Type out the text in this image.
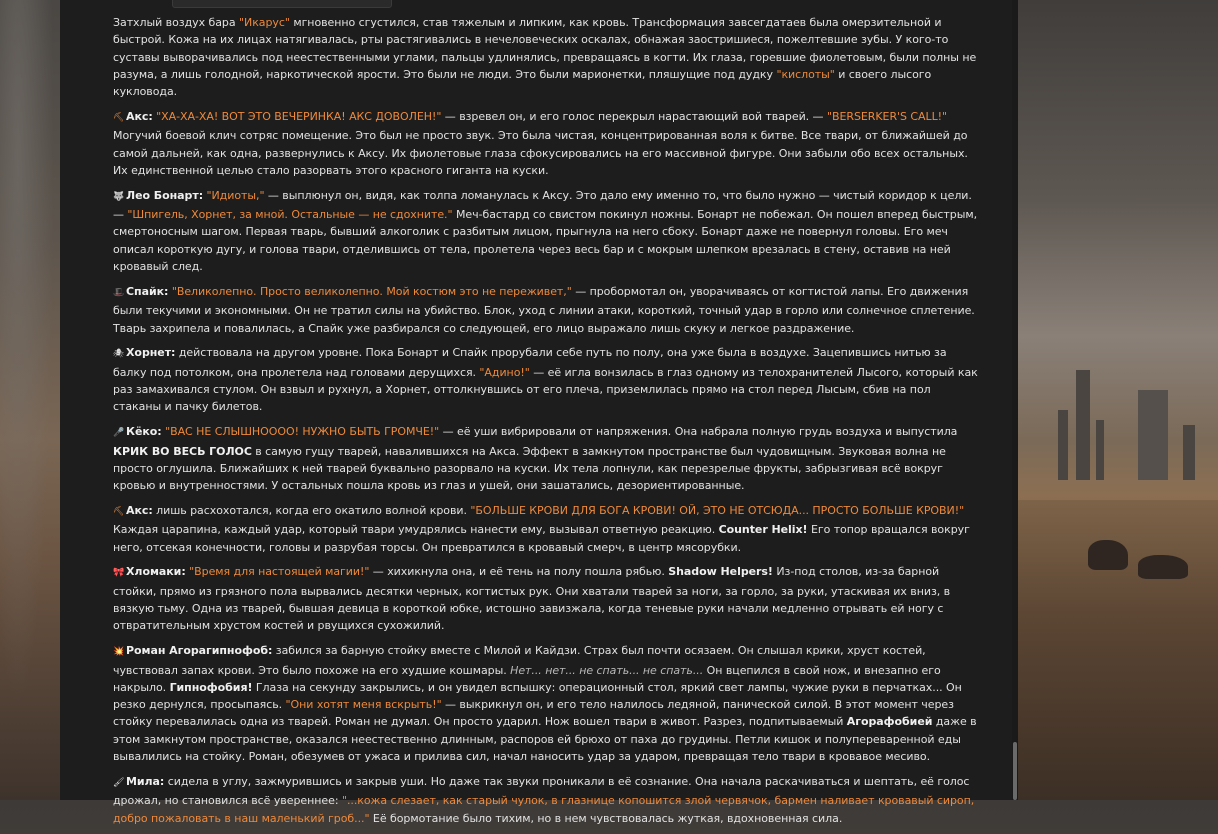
Затхлый воздух бара "Икарус" мгновенно сгустился, став тяжелым и липким, как кровь. Трансформация завсегдатаев была омерзительной и быстрой. Кожа на их лицах натягивалась, рты растягивались в нечеловеческих оскалах, обнажая заостришиеся, пожелтевшие зубы. У кого-то суставы выворачивались под неестественными углами, пальцы удлинялись, превращаясь в когти. Их глаза, горевшие фиолетовым, были полны не разума, а лишь голодной, наркотической ярости. Это были не люди. Это были марионетки, пляшущие под дудку "кислоты" и своего лысого кукловода.

⛏ Акс: "ХА-ХА-ХА! ВОТ ЭТО ВЕЧЕРИНКА! АКС ДОВОЛЕН!" — взревел он, и его голос перекрыл нарастающий вой тварей. — "BERSERKER'S CALL!" Могучий боевой клич сотряс помещение. Это был не просто звук. Это была чистая, концентрированная воля к битве. Все твари, от ближайшей до самой дальней, как одна, развернулись к Аксу. Их фиолетовые глаза сфокусировались на его массивной фигуре. Они забыли обо всех остальных. Их единственной целью стало разорвать этого красного гиганта на куски.

🐺 Лео Бонарт: "Идиоты," — выплюнул он, видя, как толпа ломанулась к Аксу. Это дало ему именно то, что было нужно — чистый коридор к цели. — "Шпигель, Хорнет, за мной. Остальные — не сдохните." Меч-бастард со свистом покинул ножны. Бонарт не побежал. Он пошел вперед быстрым, смертоносным шагом. Первая тварь, бывший алкоголик с разбитым лицом, прыгнула на него сбоку. Бонарт даже не повернул головы. Его меч описал короткую дугу, и голова твари, отделившись от тела, пролетела через весь бар и с мокрым шлепком врезалась в стену, оставив на ней кровавый след.

🎩 Спайк: "Великолепно. Просто великолепно. Мой костюм это не переживет," — пробормотал он, уворачиваясь от когтистой лапы. Его движения были текучими и экономными. Он не тратил силы на убийство. Блок, уход с линии атаки, короткий, точный удар в горло или солнечное сплетение. Тварь захрипела и повалилась, а Спайк уже разбирался со следующей, его лицо выражало лишь скуку и легкое раздражение.

🕷 Хорнет: действовала на другом уровне. Пока Бонарт и Спайк прорубали себе путь по полу, она уже была в воздухе. Зацепившись нитью за балку под потолком, она пролетела над головами дерущихся. "Адино!" — её игла вонзилась в глаз одному из телохранителей Лысого, который как раз замахивался стулом. Он взвыл и рухнул, а Хорнет, оттолкнувшись от его плеча, приземлилась прямо на стол перед Лысым, сбив на пол стаканы и пачку билетов.

🎤 Кёко: "ВАС НЕ СЛЫШНОООО! НУЖНО БЫТЬ ГРОМЧЕ!" — её уши вибрировали от напряжения. Она набрала полную грудь воздуха и выпустила КРИК ВО ВЕСЬ ГОЛОС в самую гущу тварей, навалившихся на Акса. Эффект в замкнутом пространстве был чудовищным. Звуковая волна не просто оглушила. Ближайших к ней тварей буквально разорвало на куски. Их тела лопнули, как перезрелые фрукты, забрызгивая всё вокруг кровью и внутренностями. У остальных пошла кровь из глаз и ушей, они зашатались, дезориентированные.

⛏ Акс: лишь расхохотался, когда его окатило волной крови. "БОЛЬШЕ КРОВИ ДЛЯ БОГА КРОВИ! ОЙ, ЭТО НЕ ОТСЮДА... ПРОСТО БОЛЬШЕ КРОВИ!" Каждая царапина, каждый удар, который твари умудрялись нанести ему, вызывал ответную реакцию. Counter Helix! Его топор вращался вокруг него, отсекая конечности, головы и разрубая торсы. Он превратился в кровавый смерч, в центр мясорубки.

🎀 Хломаки: "Время для настоящей магии!" — хихикнула она, и её тень на полу пошла рябью. Shadow Helpers! Из-под столов, из-за барной стойки, прямо из грязного пола вырвались десятки черных, когтистых рук. Они хватали тварей за ноги, за горло, за руки, утаскивая их вниз, в вязкую тьму. Одна из тварей, бывшая девица в короткой юбке, истошно завизжала, когда теневые руки начали медленно отрывать ей ногу с отвратительным хрустом костей и рвущихся сухожилий.

💥 Роман Агорагипнофоб: забился за барную стойку вместе с Милой и Кайдзи. Страх был почти осязаем. Он слышал крики, хруст костей, чувствовал запах крови. Это было похоже на его худшие кошмары. Нет... нет... не спать... не спать... Он вцепился в свой нож, и внезапно его накрыло. Гипнофобия! Глаза на секунду закрылись, и он увидел вспышку: операционный стол, яркий свет лампы, чужие руки в перчатках... Он резко дернулся, просыпаясь. "Они хотят меня вскрыть!" — выкрикнул он, и его тело налилось ледяной, панической силой. В этот момент через стойку перевалилась одна из тварей. Роман не думал. Он просто ударил. Нож вошел твари в живот. Разрез, подпитываемый Агорафобией даже в этом замкнутом пространстве, оказался неестественно длинным, распоров ей брюхо от паха до грудины. Петли кишок и полупереваренной еды вывалились на стойку. Роман, обезумев от ужаса и прилива сил, начал наносить удар за ударом, превращая тело твари в кровавое месиво.

🖌 Мила: сидела в углу, зажмурившись и закрыв уши. Но даже так звуки проникали в её сознание. Она начала раскачиваться и шептать, её голос дрожал, но становился всё увереннее: "...кожа слезает, как старый чулок, в глазнице копошится злой червячок, бармен наливает кровавый сироп, добро пожаловать в наш маленький гроб..." Её бормотание было тихим, но в нем чувствовалась жуткая, вдохновенная сила.
